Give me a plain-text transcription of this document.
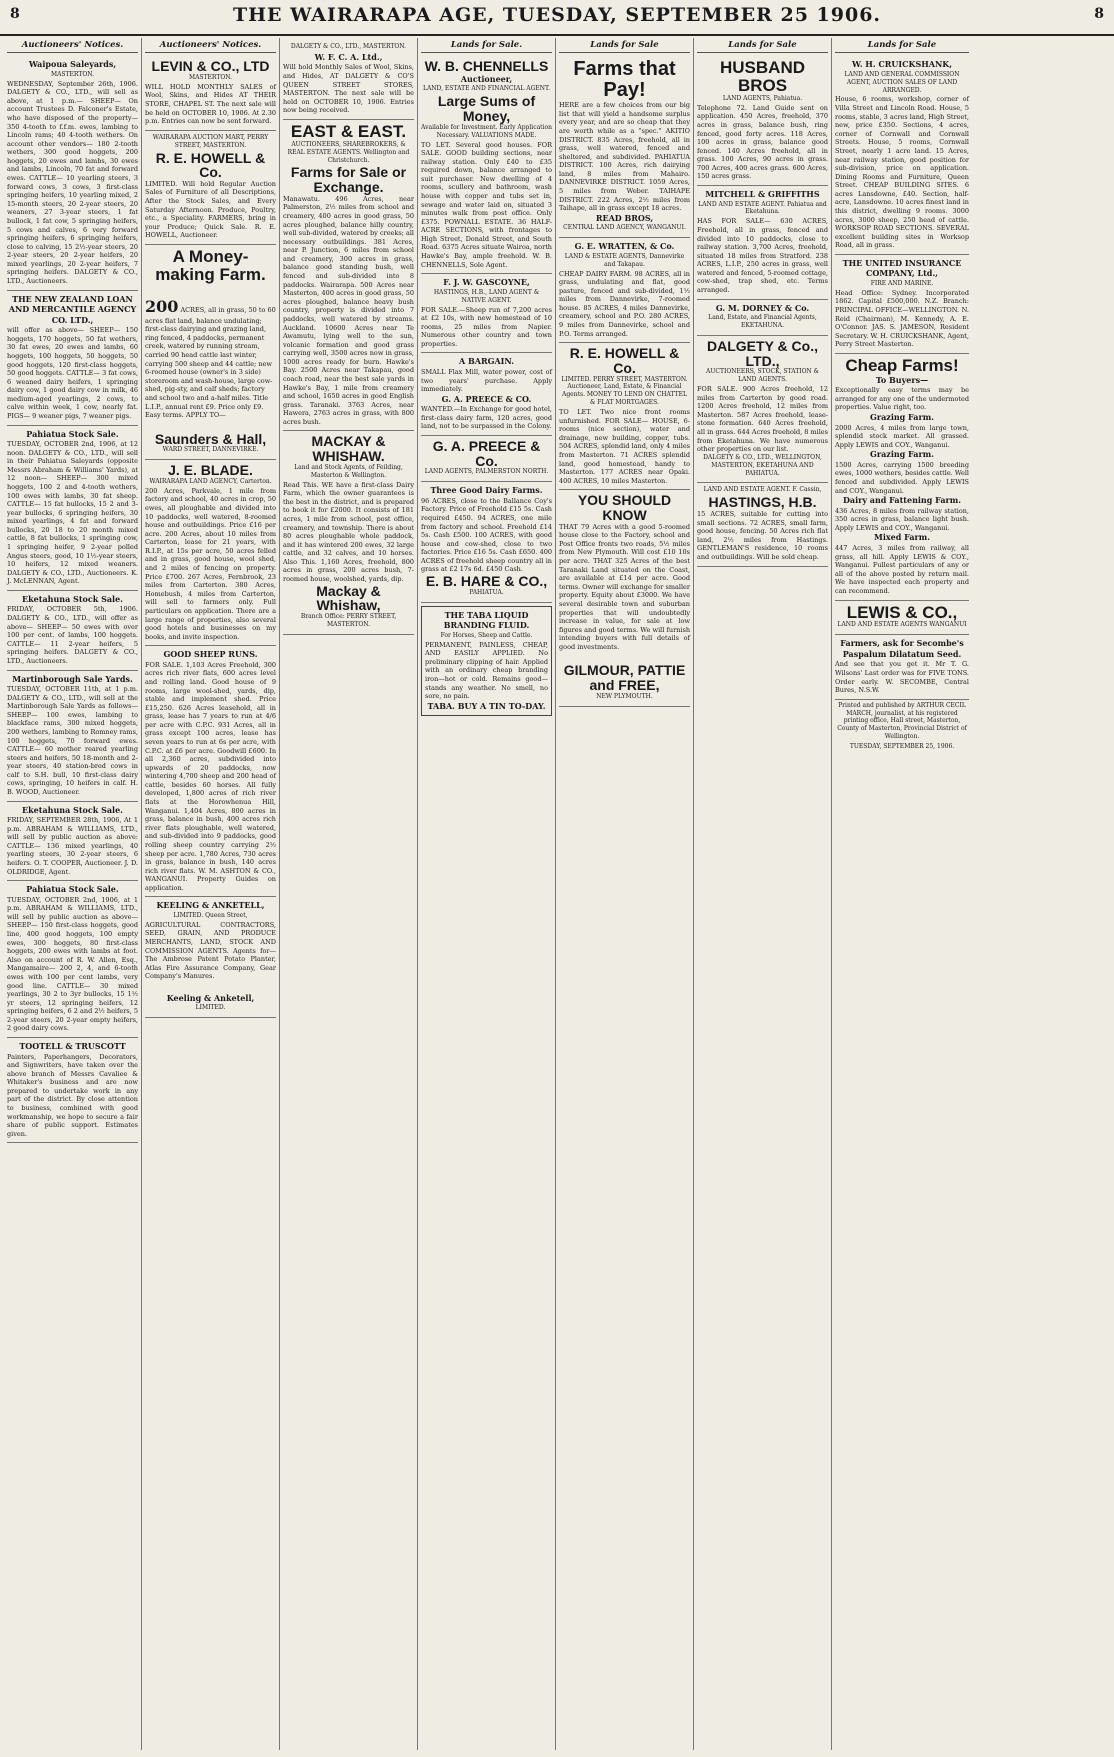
8	THE WAIRARAPA AGE, TUESDAY, SEPTEMBER 25 1906.	8
Auctioneers' Notices.
Waipoua Saleyards,
MASTERTON.
WEDNESDAY, September 26th, 1906. DALGETY & CO., LTD., will sell as above, at 1 p.m.— SHEEP— On account Trustees D. Falconer's Estate, who have disposed of the property— 350 4-tooth to f.f.m. ewes, lambing to Lincoln rams; 40 4-tooth wethers. On account other vendors— 180 2-tooth wethers, 300 good hoggets, 200 hoggets, 20 ewes and lambs, 30 ewes and lambs, Lincoln, 70 fat and forward ewes. CATTLE— 10 yearling steers, 3 forward cows, 3 cows, 3 first-class springing heifers, 10 yearling mixed, 2 15-month steers, 20 2-year steers, 20 weaners, 27 3-year steers, 1 fat bullock, 1 fat cow, 5 springing heifers, 5 cows and calves, 6 very forward springing heifers, 6 springing heifers, close to calving, 15 2½-year steers, 20 2-year steers, 20 2-year heifers, 20 mixed yearlings, 20 2-year heifers, 7 springing heifers. DALGETY & CO., LTD., Auctioneers.
THE NEW ZEALAND LOAN AND MERCANTILE AGENCY CO. LTD.,
will offer as above— SHEEP— 150 hoggets, 170 hoggets, 50 fat wethers, 30 fat ewes, 20 ewes and lambs, 60 hoggets, 100 hoggets, 50 hoggets, 50 good hoggets, 120 first-class hoggets, 50 good hoggets. CATTLE— 3 fat cows, 6 weaned dairy heifers, 1 springing dairy cow, 1 good dairy cow in milk, 46 medium-aged yearlings, 2 cows, to calve within week, 1 cow, nearly fat. PIGS— 9 weaner pigs, 7 weaner pigs.
Pahiatua Stock Sale.
TUESDAY, OCTOBER 2nd, 1906, at 12 noon. DALGETY & CO., LTD., will sell in their Pahiatua Saleyards (opposite Messrs Abraham & Williams' Yards), at 12 noon— SHEEP— 300 mixed hoggets, 100 2 and 4-tooth wethers, 100 ewes with lambs, 30 fat sheep. CATTLE— 15 fat bullocks, 15 2 and 3-year bullocks, 6 springing heifers, 30 mixed yearlings, 4 fat and forward bullocks, 20 18 to 20 month mixed cattle, 8 fat bullocks, 1 springing cow, 1 springing heifer, 9 2-year polled Angus steers, good, 10 1½-year steers, 10 heifers, 12 mixed weaners. DALGETY & CO., LTD., Auctioneers. K. J. McLENNAN, Agent.
Eketahuna Stock Sale.
FRIDAY, OCTOBER 5th, 1906. DALGETY & CO., LTD., will offer as above— SHEEP— 50 ewes with over 100 per cent. of lambs, 100 hoggets. CATTLE— 11 2-year heifers, 5 springing heifers. DALGETY & CO., LTD., Auctioneers.
Martinborough Sale Yards.
TUESDAY, OCTOBER 11th, at 1 p.m. DALGETY & CO., LTD., will sell at the Martinborough Sale Yards as follows— SHEEP— 100 ewes, lambing to blackface rams, 300 mixed hoggets, 200 wethers, lambing to Romney rams, 100 hoggets, 70 forward ewes. CATTLE— 60 mother reared yearling steers and heifers, 50 18-month and 2-year steers, 40 station-bred cows in calf to S.H. bull, 10 first-class dairy cows, springing, 10 heifers in calf. H. B. WOOD, Auctioneer.
Eketahuna Stock Sale.
FRIDAY, SEPTEMBER 28th, 1906, At 1 p.m. ABRAHAM & WILLIAMS, LTD., will sell by public auction as above: CATTLE— 136 mixed yearlings, 40 yearling steers, 30 2-year steers, 6 heifers. O. T. COOPER, Auctioneer. J. D. OLDRIDGE, Agent.
Pahiatua Stock Sale.
TUESDAY, OCTOBER 2nd, 1906, at 1 p.m. ABRAHAM & WILLIAMS, LTD., will sell by public auction as above— SHEEP— 150 first-class hoggets, good line, 400 good hoggets, 100 empty ewes, 300 hoggets, 80 first-class hoggets, 200 ewes with lambs at foot. Also on account of R. W. Allen, Esq., Mangamaire— 200 2, 4, and 6-tooth ewes with 100 per cent lambs, very good line. CATTLE— 30 mixed yearlings, 30 2 to 3yr bullocks, 15 1½ yr steers, 12 springing heifers, 12 springing heifers, 6 2 and 2½ heifers, 5 2-year steers, 20 2-year empty heifers, 2 good dairy cows.
TOOTELL & TRUSCOTT
Painters, Paperhangers, Decorators, and Signwriters, have taken over the above branch of Messrs Cavaliee & Whitaker's business and are now prepared to undertake work in any part of the district. By close attention to business, combined with good workmanship, we hope to secure a fair share of public support. Estimates given.
Auctioneers' Notices.
LEVIN & CO., LTD
MASTERTON.
WILL HOLD MONTHLY SALES of Wool, Skins, and Hides AT THEIR STORE, CHAPEL ST. The next sale will be held on OCTOBER 10, 1906. At 2.30 p.m. Entries can now be sent forward.
WAIRARAPA AUCTION MART, PERRY STREET, MASTERTON.
R. E. HOWELL & Co.
LIMITED. Will hold Regular Auction Sales of Furniture of all Descriptions, After the Stock Sales, and Every Saturday Afternoon. Produce, Poultry, etc., a Speciality. FARMERS, bring in your Produce; Quick Sale. R. E. HOWELL, Auctioneer.
A Money-making Farm.
200 ACRES, all in grass, 50 to 60 acres flat land, balance undulating; first-class dairying and grazing land, ring fenced, 4 paddocks, permanent creek, watered by running stream, carried 90 head cattle last winter, carrying 500 sheep and 44 cattle; new 6-roomed house (owner's in 3 side) storeroom and wash-house, large cow-shed, pig-sty, and calf sheds; factory and school two and a-half miles. Title L.I.P., annual rent £9. Price only £9. Easy terms. APPLY TO—
Saunders & Hall,
WARD STREET, DANNEVIRKE.
J. E. BLADE.
WAIRARAPA LAND AGENCY, Carterton.
200 Acres, Parkvale, 1 mile from factory and school, 40 acres in crop, 50 ewes, all ploughable and divided into 10 paddocks, well watered, 8-roomed house and outbuildings. Price £16 per acre. 200 Acres, about 10 miles from Carterton, lease for 21 years, with R.I.P., at 15s per acre, 50 acres felled and in grass, good house, wool shed, and 2 miles of fencing on property. Price £700. 267 Acres, Fernbrook, 23 miles from Carterton. 380 Acres, Homebush, 4 miles from Carterton, will sell to farmers only. Full particulars on application. There are a large range of properties, also several good hotels and businesses on my books, and invite inspection.
GOOD SHEEP RUNS.
FOR SALE. 1,103 Acres Freehold, 300 acres rich river flats, 600 acres level and rolling land. Good house of 9 rooms, large wool-shed, yards, dip, stable and implement shed. Price £15,250. 626 Acres leasehold, all in grass, lease has 7 years to run at 4/6 per acre with C.P.C. 931 Acres, all in grass except 100 acres, lease has seven years to run at 6s per acre, with C.P.C. at £6 per acre. Goodwill £600. In all 2,360 acres, subdivided into upwards of 20 paddocks, now wintering 4,700 sheep and 200 head of cattle, besides 60 horses. All fully developed, 1,800 acres of rich river flats at the Horowhenua Hill, Wanganui. 1,404 Acres, 800 acres in grass, balance in bush, 400 acres rich river flats ploughable, well watered, and sub-divided into 9 paddocks, good rolling sheep country carrying 2½ sheep per acre. 1,780 Acres, 730 acres in grass, balance in bush, 140 acres rich river flats. W. M. ASHTON & CO., WANGANUI. Property Guides on application.
KEELING & ANKETELL,
LIMITED. Queen Street,
AGRICULTURAL CONTRACTORS, SEED, GRAIN, AND PRODUCE MERCHANTS, LAND, STOCK AND COMMISSION AGENTS. Agents for— The Ambrose Patent Potato Planter, Atlas Fire Assurance Company, Gear Company's Manures.
Keeling & Anketell,
LIMITED.
DALGETY & CO., LTD., MASTERTON.
W. F. C. A. Ltd.,
Will hold Monthly Sales of Wool, Skins, and Hides, AT DALGETY & CO'S QUEEN STREET STORES, MASTERTON. The next sale will be held on OCTOBER 10, 1906. Entries now being received.
EAST & EAST.
AUCTIONEERS, SHAREBROKERS, & REAL ESTATE AGENTS. Wellington and Christchurch.
Farms for Sale or Exchange.
Manawatu. 496 Acres, near Palmerston, 2½ miles from school and creamery, 400 acres in good grass, 50 acres ploughed, balance hilly country, well sub-divided, watered by creeks; all necessary outbuildings. 381 Acres, near P. Junction, 6 miles from school and creamery, 300 acres in grass, balance good standing bush, well fenced and sub-divided into 8 paddocks. Wairarapa. 500 Acres near Masterton, 400 acres in good grass, 50 acres ploughed, balance heavy bush country, property is divided into 7 paddocks, well watered by streams. Auckland. 10600 Acres near Te Awamutu, lying well to the sun, volcanic formation and good grass carrying well, 3500 acres now in grass, 1000 acres ready for burn. Hawke's Bay. 2500 Acres near Takapau, good coach road, near the best sale yards in Hawke's Bay, 1 mile from creamery and school, 1650 acres in good English grass. Taranaki. 3763 Acres, near Hawera, 2763 acres in grass, with 800 acres bush.
MACKAY & WHISHAW.
Land and Stock Agents, of Feilding, Masterton & Wellington.
Read This. WE have a first-class Dairy Farm, which the owner guarantees is the best in the district, and is prepared to book it for £2000. It consists of 181 acres, 1 mile from school, post office, creamery, and township. There is about 80 acres ploughable whole paddock, and it has wintered 200 ewes, 32 large cattle, and 32 calves, and 10 horses. Also This. 1,160 Acres, freehold, 800 acres in grass, 200 acres bush, 7-roomed house, woolshed, yards, dip.
Mackay & Whishaw,
Branch Office: PERRY STREET, MASTERTON.
Lands for Sale.
W. B. CHENNELLS
Auctioneer,
LAND, ESTATE AND FINANCIAL AGENT.
Large Sums of Money,
Available for Investment. Early Application Necessary. VALUATIONS MADE.
TO LET. Several good houses. FOR SALE. GOOD building sections, near railway station. Only £40 to £35 required down, balance arranged to suit purchaser. New dwelling of 4 rooms, scullery and bathroom, wash house with copper and tubs set in, sewage and water laid on, situated 3 minutes walk from post office. Only £375. POWNALL ESTATE. 36 HALF-ACRE SECTIONS, with frontages to High Street, Donald Street, and South Road. 6375 Acres situate Wairoa, north Hawke's Bay, ample freehold. W. B. CHENNELLS, Sole Agent.
F. J. W. GASCOYNE,
HASTINGS, H.B., LAND AGENT & NATIVE AGENT.
FOR SALE.—Sheep run of 7,200 acres at £2 10s, with new homestead of 10 rooms, 25 miles from Napier. Numerous other country and town properties.
A BARGAIN.
SMALL Flax Mill, water power, cost of two years' purchase. Apply immediately.
G. A. PREECE & CO.
WANTED.—In Exchange for good hotel, first-class dairy farm, 120 acres, good land, not to be surpassed in the Colony.
G. A. PREECE & Co.
LAND AGENTS, PALMERSTON NORTH.
Three Good Dairy Farms.
96 ACRES, close to the Ballance Coy's Factory. Price of Freehold £15 5s. Cash required £450. 94 ACRES, one mile from factory and school. Freehold £14 5s. Cash £500. 100 ACRES, with good house and cow-shed, close to two factories. Price £16 5s. Cash £650. 400 ACRES of freehold sheep country all in grass at £2 17s 6d. £450 Cash.
E. B. HARE & CO.,
PAHIATUA.
THE TABA LIQUID BRANDING FLUID.
For Horses, Sheep and Cattle.
PERMANENT, PAINLESS, CHEAP, AND EASILY APPLIED. No preliminary clipping of hair. Applied with an ordinary cheap branding iron—hot or cold. Remains good—stands any weather. No smell, no sore, no pain.
TABA. BUY A TIN TO-DAY.
Lands for Sale
Farms that Pay!
HERE are a few choices from our big list that will yield a handsome surplus every year, and are so cheap that they are worth while as a "spec." AKITIO DISTRICT. 835 Acres, freehold, all in grass, well watered, fenced and sheltered, and subdivided. PAHIATUA DISTRICT. 100 Acres, rich dairying land, 8 miles from Mahairo. DANNEVIRKE DISTRICT. 1059 Acres, 5 miles from Weber. TAIHAPE DISTRICT. 222 Acres, 2½ miles from Taihape, all in grass except 18 acres.
READ BROS,
CENTRAL LAND AGENCY, WANGANUI.
G. E. WRATTEN, & Co.
LAND & ESTATE AGENTS, Dannevirke and Takapau.
CHEAP DAIRY FARM. 98 ACRES, all in grass, undulating and flat, good pasture, fenced and sub-divided, 1½ miles from Dannevirke, 7-roomed house. 85 ACRES, 4 miles Dannevirke, creamery, school and P.O. 280 ACRES, 9 miles from Dannevirke, school and P.O. Terms arranged.
R. E. HOWELL & Co.
LIMITED. PERRY STREET, MASTERTON. Auctioneer, Land, Estate, & Financial Agents. MONEY TO LEND ON CHATTEL & FLAT MORTGAGES.
TO LET. Two nice front rooms unfurnished. FOR SALE— HOUSE, 6-rooms (nice section), water and drainage, new building, copper, tubs. 504 ACRES, splendid land, only 4 miles from Masterton. 71 ACRES splendid land, good homestead, handy to Masterton. 177 ACRES near Opaki. 400 ACRES, 10 miles Masterton.
YOU SHOULD KNOW
THAT 79 Acres with a good 5-roomed house close to the Factory, school and Post Office fronts two roads, 5½ miles from New Plymouth. Will cost £10 10s per acre. THAT 325 Acres of the best Taranaki Land situated on the Coast, are available at £14 per acre. Good terms. Owner will exchange for smaller property. Equity about £3000. We have several desirable town and suburban properties that will undoubtedly increase in value, for sale at low figures and good terms. We will furnish intending buyers with full details of good investments.
GILMOUR, PATTIE and FREE,
NEW PLYMOUTH.
Lands for Sale
HUSBAND BROS
LAND AGENTS, Pahiatua.
Telephone 72. Land Guide sent on application. 450 Acres, freehold, 370 acres in grass, balance bush, ring fenced, good forty acres. 118 Acres, 100 acres in grass, balance good fenced. 140 Acres freehold, all in grass. 100 Acres, 90 acres in grass. 700 Acres, 400 acres grass. 600 Acres, 150 acres grass.
MITCHELL & GRIFFITHS
LAND AND ESTATE AGENT. Pahiatua and Eketahuna.
HAS FOR SALE— 630 ACRES, Freehold, all in grass, fenced and divided into 10 paddocks, close to railway station. 3,700 Acres, freehold, situated 18 miles from Stratford. 238 ACRES, L.I.P., 250 acres in grass, well watered and fenced, 5-roomed cottage, cow-shed, trap shed, etc. Terms arranged.
G. M. DORNEY & Co.
Land, Estate, and Financial Agents, EKETAHUNA.
DALGETY & Co., LTD.,
AUCTIONEERS, STOCK, STATION & LAND AGENTS.
FOR SALE. 900 Acres freehold, 12 miles from Carterton by good road. 1200 Acres freehold, 12 miles from Masterton. 587 Acres freehold, lease-stone formation. 640 Acres freehold, all in grass. 644 Acres freehold, 8 miles from Eketahuna. We have numerous other properties on our list.
DALGETY & CO., LTD., WELLINGTON, MASTERTON, EKETAHUNA AND PAHIATUA.
LAND AND ESTATE AGENT. F. Cassin,
HASTINGS, H.B.
15 ACRES, suitable for cutting into small sections. 72 ACRES, small farm, good house, fencing. 50 Acres rich flat land, 2½ miles from Hastings. GENTLEMAN'S residence, 10 rooms and outbuildings. Will be sold cheap.
Lands for Sale
W. H. CRUICKSHANK,
LAND AND GENERAL COMMISSION AGENT, AUCTION SALES OF LAND ARRANGED.
House, 6 rooms, workshop, corner of Villa Street and Lincoln Road. House, 5 rooms, stable, 3 acres land, High Street, new, price £350. Sections, 4 acres, corner of Cornwall and Cornwall Streets. House, 5 rooms, Cornwall Street, nearly 1 acre land. 15 Acres, near railway station, good position for sub-division, price on application. Dining Rooms and Furniture, Queen Street. CHEAP BUILDING SITES. 6 acres Lansdowne, £40. Section, half-acre, Lansdowne. 10 acres finest land in this district, dwelling 9 rooms. 3000 acres, 3000 sheep, 250 head of cattle. WORKSOP ROAD SECTIONS. SEVERAL excellent building sites in Worksop Road, all in grass.
THE UNITED INSURANCE COMPANY, Ltd.,
FIRE AND MARINE.
Head Office: Sydney. Incorporated 1862. Capital £500,000. N.Z. Branch: PRINCIPAL OFFICE—WELLINGTON. N. Reid (Chairman), M. Kennedy, A. E. O'Connor. JAS. S. JAMESON, Resident Secretary. W. H. CRUICKSHANK, Agent, Perry Street Masterton.
Cheap Farms!
To Buyers—
Exceptionally easy terms may be arranged for any one of the undermoted properties. Value right, too.
Grazing Farm.
2000 Acres, 4 miles from large town, splendid stock market. All grassed. Apply LEWIS and COY., Wanganui.
Grazing Farm.
1500 Acres, carrying 1500 breeding ewes, 1000 wethers, besides cattle. Well fenced and subdivided. Apply LEWIS and COY., Wanganui.
Dairy and Fattening Farm.
436 Acres, 8 miles from railway station, 350 acres in grass, balance light bush. Apply LEWIS and COY., Wanganui.
Mixed Farm.
447 Acres, 3 miles from railway, all grass, all hill. Apply LEWIS & COY., Wanganui. Fullest particulars of any or all of the above posted by return mail. We have inspected each property and can recommend.
LEWIS & CO.,
LAND AND ESTATE AGENTS WANGANUI
Farmers, ask for Secombe's Paspalum Dilatatum Seed.
And see that you get it. Mr T. G. Wilsons' Last order was for FIVE TONS. Order early. W. SECOMBE, Central Bures, N.S.W.
Printed and published by ARTHUR CECIL MARCH, journalist, at his registered printing office, Hall street, Masterton, County of Masterton, Provincial District of Wellington.
TUESDAY, SEPTEMBER 25, 1906.
